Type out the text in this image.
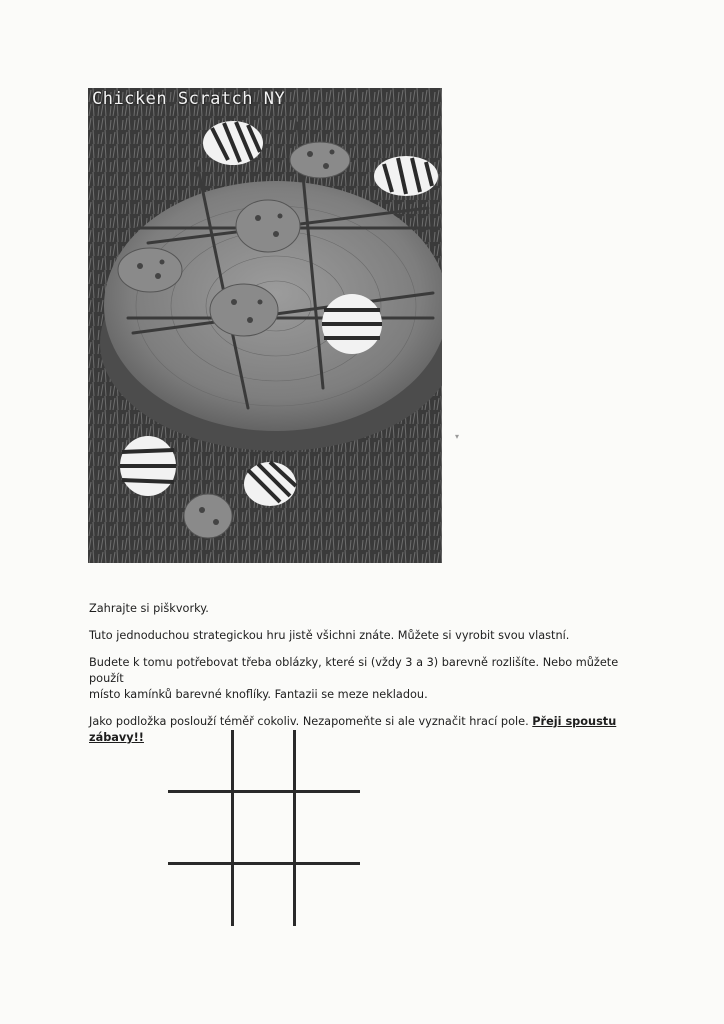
Chicken Scratch NY
▾

Zahrajte si piškvorky.

Tuto jednoduchou strategickou hru jistě všichni znáte. Můžete si vyrobit svou vlastní.

Budete k tomu potřebovat třeba oblázky, které si (vždy 3 a 3) barevně rozlišíte. Nebo můžete použít

místo kamínků barevné knoflíky. Fantazii se meze nekladou.

Jako podložka poslouží téměř cokoliv. Nezapomeňte si ale vyznačit hrací pole. Přeji spoustu zábavy!!
